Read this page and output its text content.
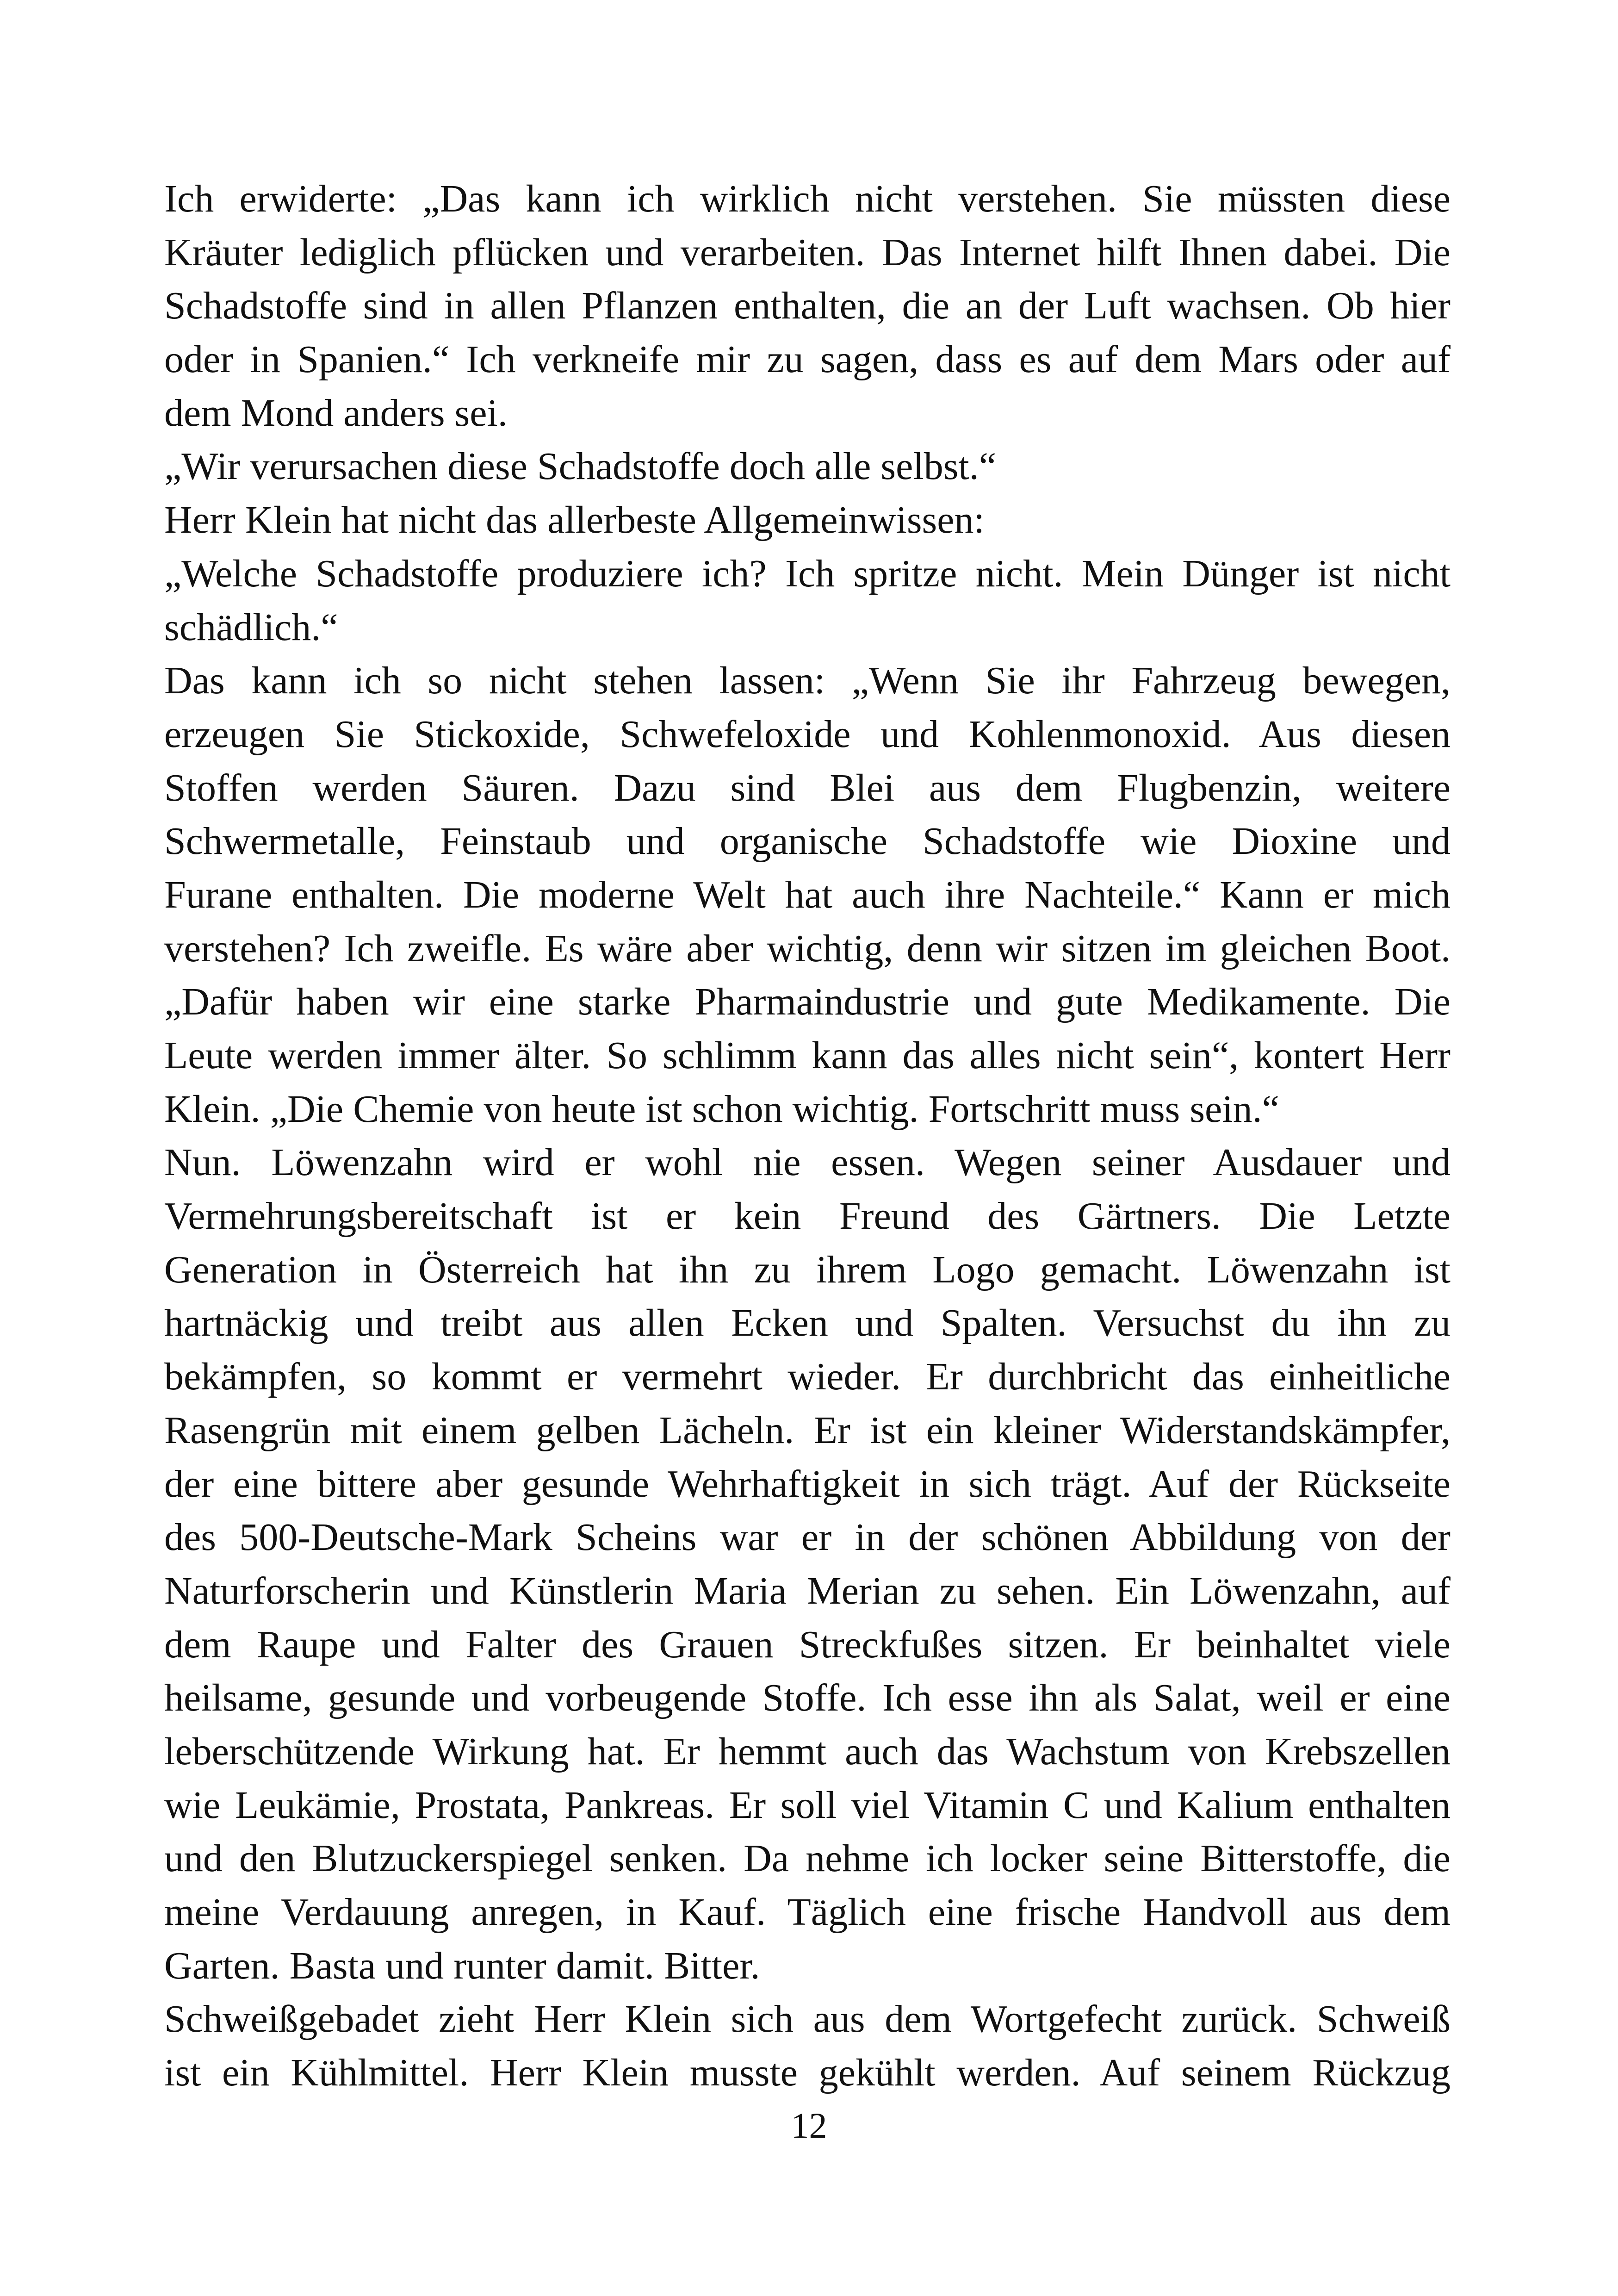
Ich erwiderte: „Das kann ich wirklich nicht verstehen. Sie müssten diese
Kräuter lediglich pflücken und verarbeiten. Das Internet hilft Ihnen dabei. Die
Schadstoffe sind in allen Pflanzen enthalten, die an der Luft wachsen. Ob hier
oder in Spanien.“ Ich verkneife mir zu sagen, dass es auf dem Mars oder auf
dem Mond anders sei.
„Wir verursachen diese Schadstoffe doch alle selbst.“
Herr Klein hat nicht das allerbeste Allgemeinwissen:
„Welche Schadstoffe produziere ich? Ich spritze nicht. Mein Dünger ist nicht
schädlich.“
Das kann ich so nicht stehen lassen: „Wenn Sie ihr Fahrzeug bewegen,
erzeugen Sie Stickoxide, Schwefeloxide und Kohlenmonoxid. Aus diesen
Stoffen werden Säuren. Dazu sind Blei aus dem Flugbenzin, weitere
Schwermetalle, Feinstaub und organische Schadstoffe wie Dioxine und
Furane enthalten. Die moderne Welt hat auch ihre Nachteile.“ Kann er mich
verstehen? Ich zweifle. Es wäre aber wichtig, denn wir sitzen im gleichen Boot.
„Dafür haben wir eine starke Pharmaindustrie und gute Medikamente. Die
Leute werden immer älter. So schlimm kann das alles nicht sein“, kontert Herr
Klein. „Die Chemie von heute ist schon wichtig. Fortschritt muss sein.“
Nun. Löwenzahn wird er wohl nie essen. Wegen seiner Ausdauer und
Vermehrungsbereitschaft ist er kein Freund des Gärtners. Die Letzte
Generation in Österreich hat ihn zu ihrem Logo gemacht. Löwenzahn ist
hartnäckig und treibt aus allen Ecken und Spalten. Versuchst du ihn zu
bekämpfen, so kommt er vermehrt wieder. Er durchbricht das einheitliche
Rasengrün mit einem gelben Lächeln. Er ist ein kleiner Widerstandskämpfer,
der eine bittere aber gesunde Wehrhaftigkeit in sich trägt. Auf der Rückseite
des 500-Deutsche-Mark Scheins war er in der schönen Abbildung von der
Naturforscherin und Künstlerin Maria Merian zu sehen. Ein Löwenzahn, auf
dem Raupe und Falter des Grauen Streckfußes sitzen. Er beinhaltet viele
heilsame, gesunde und vorbeugende Stoffe. Ich esse ihn als Salat, weil er eine
leberschützende Wirkung hat. Er hemmt auch das Wachstum von Krebszellen
wie Leukämie, Prostata, Pankreas. Er soll viel Vitamin C und Kalium enthalten
und den Blutzuckerspiegel senken. Da nehme ich locker seine Bitterstoffe, die
meine Verdauung anregen, in Kauf. Täglich eine frische Handvoll aus dem
Garten. Basta und runter damit. Bitter.
Schweißgebadet zieht Herr Klein sich aus dem Wortgefecht zurück. Schweiß
ist ein Kühlmittel. Herr Klein musste gekühlt werden. Auf seinem Rückzug
12
